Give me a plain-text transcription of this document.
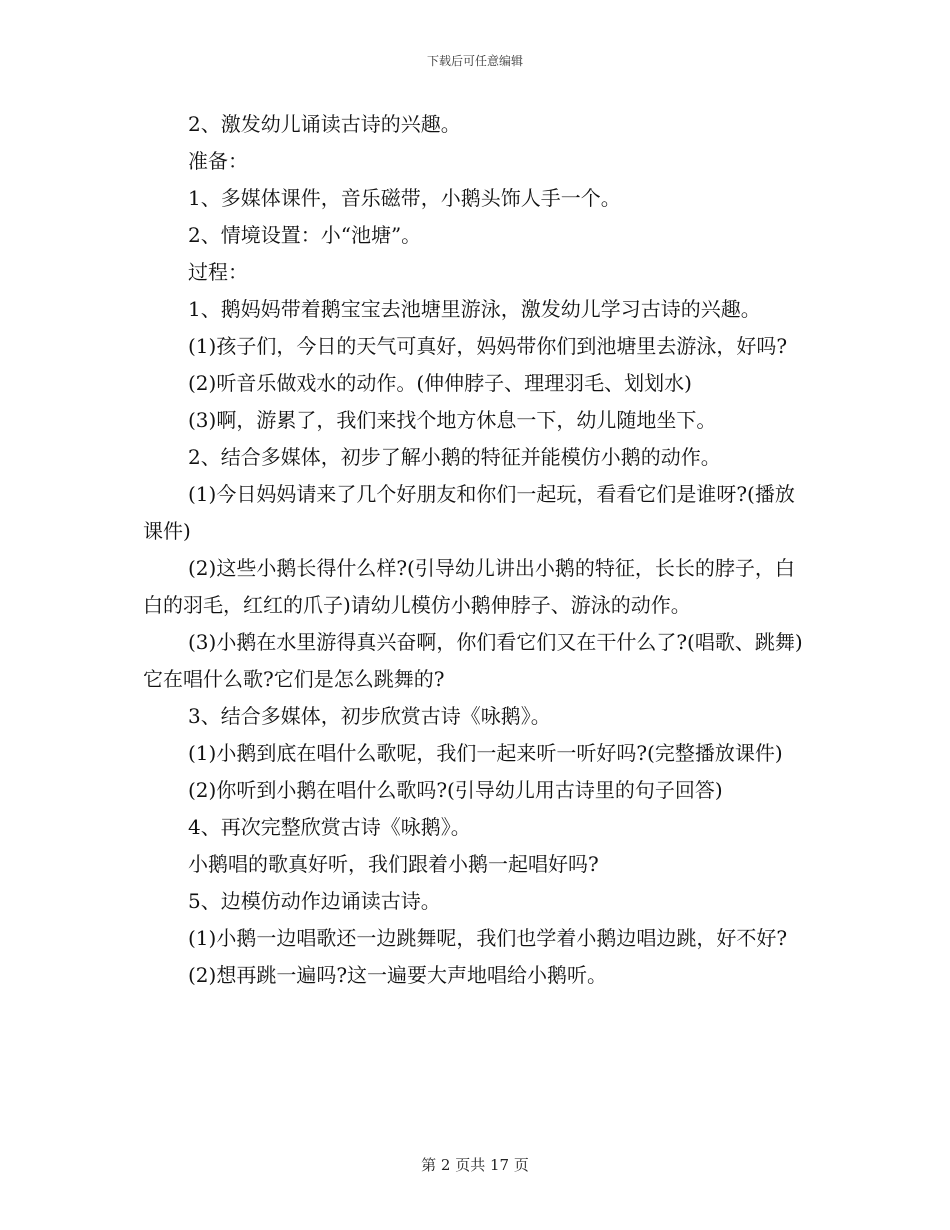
下载后可任意编辑

2、激发幼儿诵读古诗的兴趣。

准备：

1、多媒体课件，音乐磁带，小鹅头饰人手一个。

2、情境设置：小“池塘”。

过程：

1、鹅妈妈带着鹅宝宝去池塘里游泳，激发幼儿学习古诗的兴趣。

(1)孩子们，今日的天气可真好，妈妈带你们到池塘里去游泳，好吗?

(2)听音乐做戏水的动作。(伸伸脖子、理理羽毛、划划水)

(3)啊，游累了，我们来找个地方休息一下，幼儿随地坐下。

2、结合多媒体，初步了解小鹅的特征并能模仿小鹅的动作。

(1)今日妈妈请来了几个好朋友和你们一起玩，看看它们是谁呀?(播放课件)

(2)这些小鹅长得什么样?(引导幼儿讲出小鹅的特征，长长的脖子，白白的羽毛，红红的爪子)请幼儿模仿小鹅伸脖子、游泳的动作。

(3)小鹅在水里游得真兴奋啊，你们看它们又在干什么了?(唱歌、跳舞)它在唱什么歌?它们是怎么跳舞的?

3、结合多媒体，初步欣赏古诗《咏鹅》。

(1)小鹅到底在唱什么歌呢，我们一起来听一听好吗?(完整播放课件)

(2)你听到小鹅在唱什么歌吗?(引导幼儿用古诗里的句子回答)

4、再次完整欣赏古诗《咏鹅》。

小鹅唱的歌真好听，我们跟着小鹅一起唱好吗?

5、边模仿动作边诵读古诗。

(1)小鹅一边唱歌还一边跳舞呢，我们也学着小鹅边唱边跳，好不好?

(2)想再跳一遍吗?这一遍要大声地唱给小鹅听。

第 2 页共 17 页
